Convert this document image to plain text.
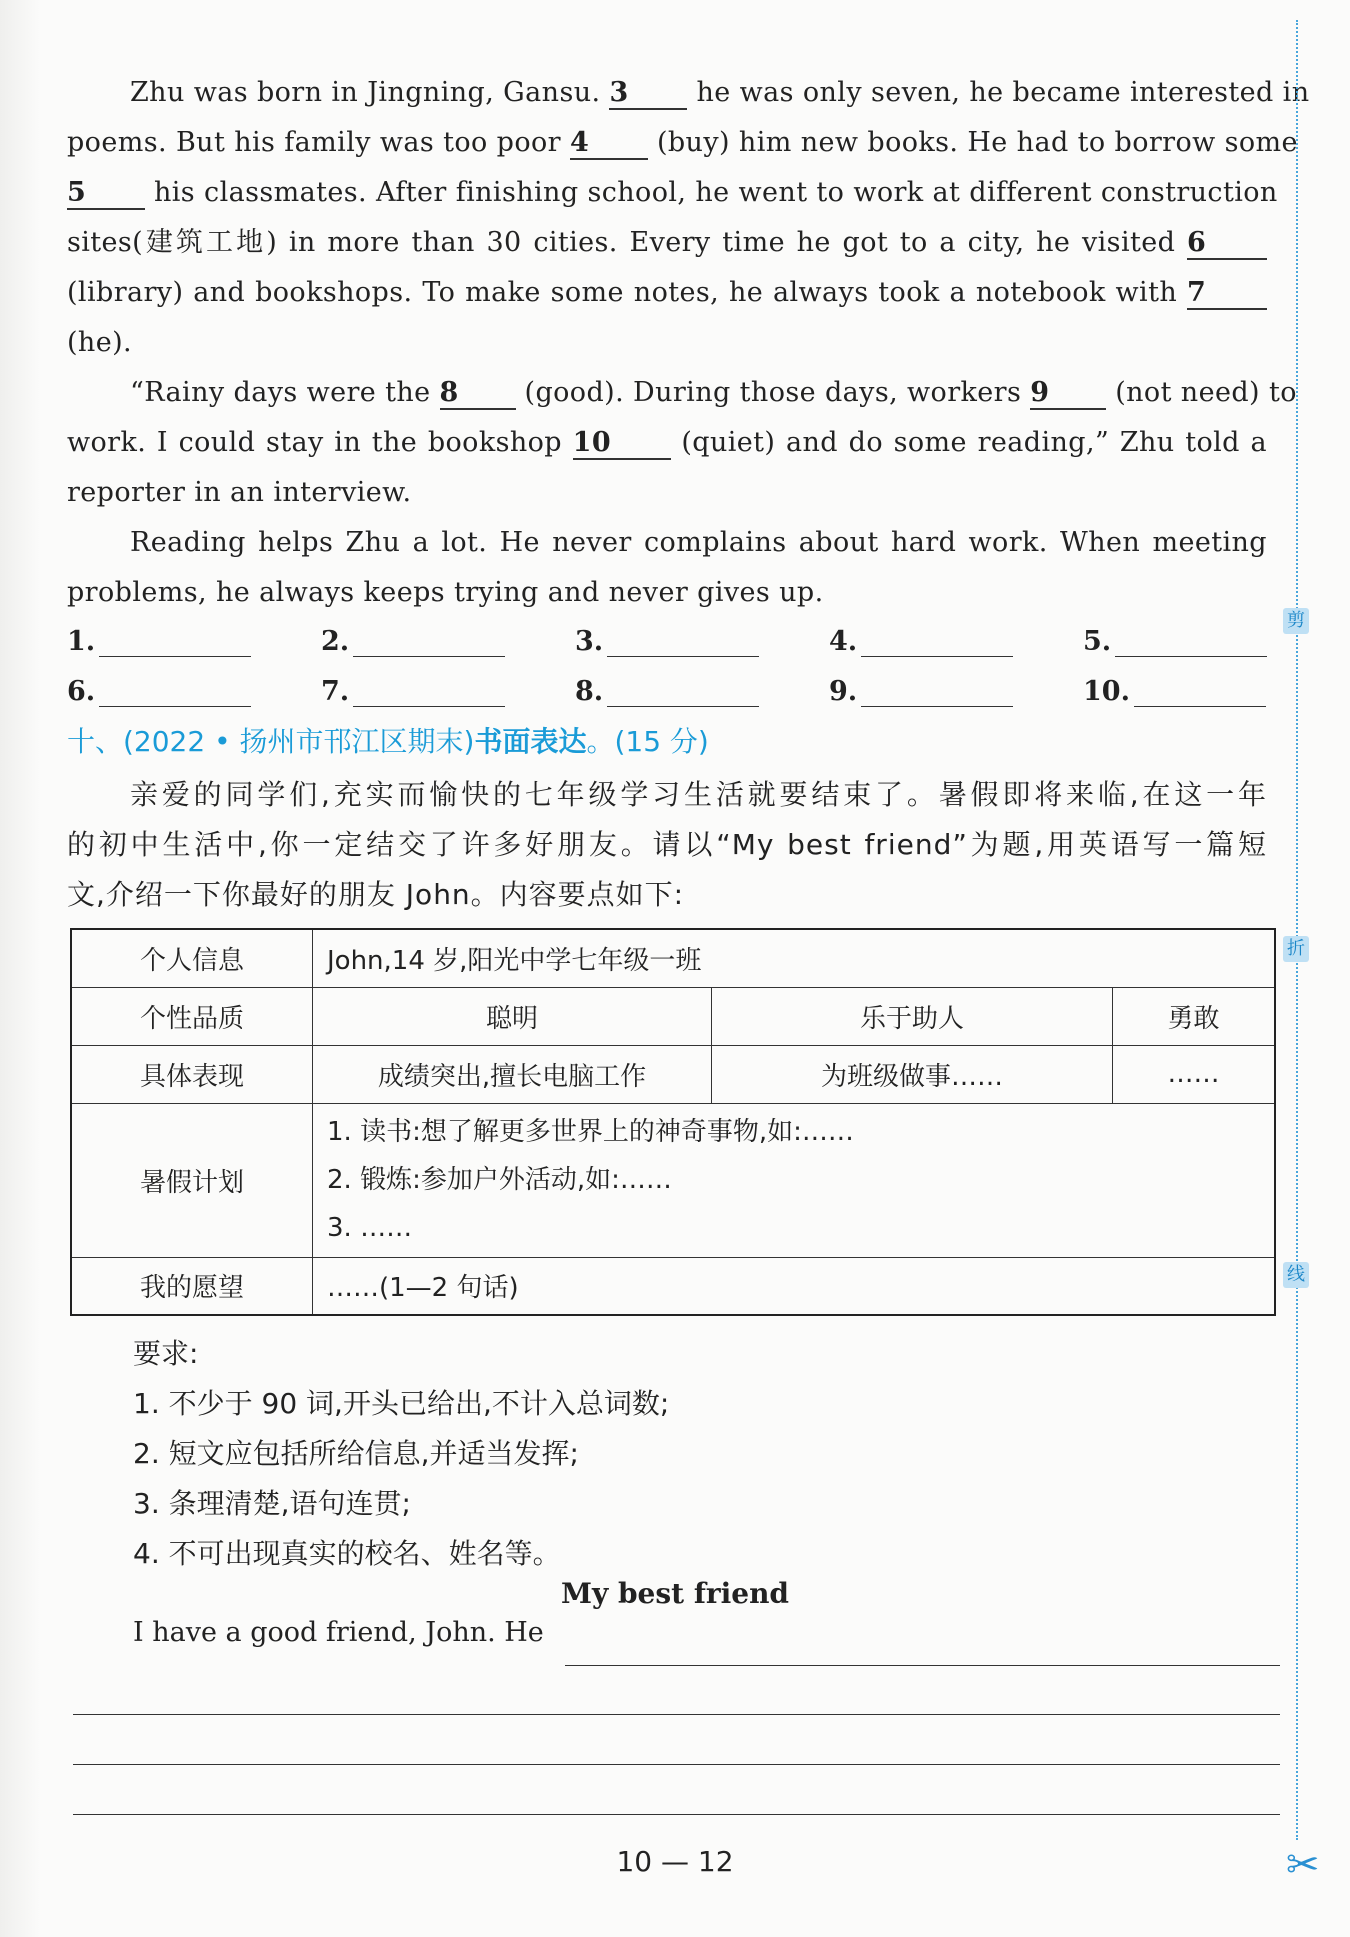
Zhu was born in Jingning, Gansu. 3	he was only seven, he became interested in
poems. But his family was too poor 4	(buy) him new books. He had to borrow some
5	his classmates. After finishing school, he went to work at different construction
sites(建筑工地) in more than 30 cities. Every time he got to a city, he visited 6
(library) and bookshops. To make some notes, he always took a notebook with 7
(he).
“Rainy days were the 8 (good). During those days, workers 9 (not need) to
work. I could stay in the bookshop 10	(quiet) and do some reading,” Zhu told a
reporter in an interview.
Reading helps Zhu a lot. He never complains about hard work. When meeting
problems, he always keeps trying and never gives up.
1.	2.	3.	4.	5.
6.	7.	8.	9.	10.
十、(2022 • 扬州市邗江区期末)书面表达。(15 分)
亲爱的同学们,充实而愉快的七年级学习生活就要结束了。暑假即将来临,在这一年
的初中生活中,你一定结交了许多好朋友。请以“My best friend”为题,用英语写一篇短
文,介绍一下你最好的朋友 John。内容要点如下:
个人信息	John,14 岁,阳光中学七年级一班		
个性品质	聪明	乐于助人	勇敢
具体表现	成绩突出,擅长电脑工作	为班级做事……	……
暑假计划	1. 读书:想了解更多世界上的神奇事物,如:……
2. 锻炼:参加户外活动,如:……
3. ……		

我的愿望	……(1—2 句话)		
要求:
1. 不少于 90 词,开头已给出,不计入总词数;
2. 短文应包括所给信息,并适当发挥;
3. 条理清楚,语句连贯;
4. 不可出现真实的校名、姓名等。
My best friend
I have a good friend, John. He
10 — 12
剪
折
线
✂
